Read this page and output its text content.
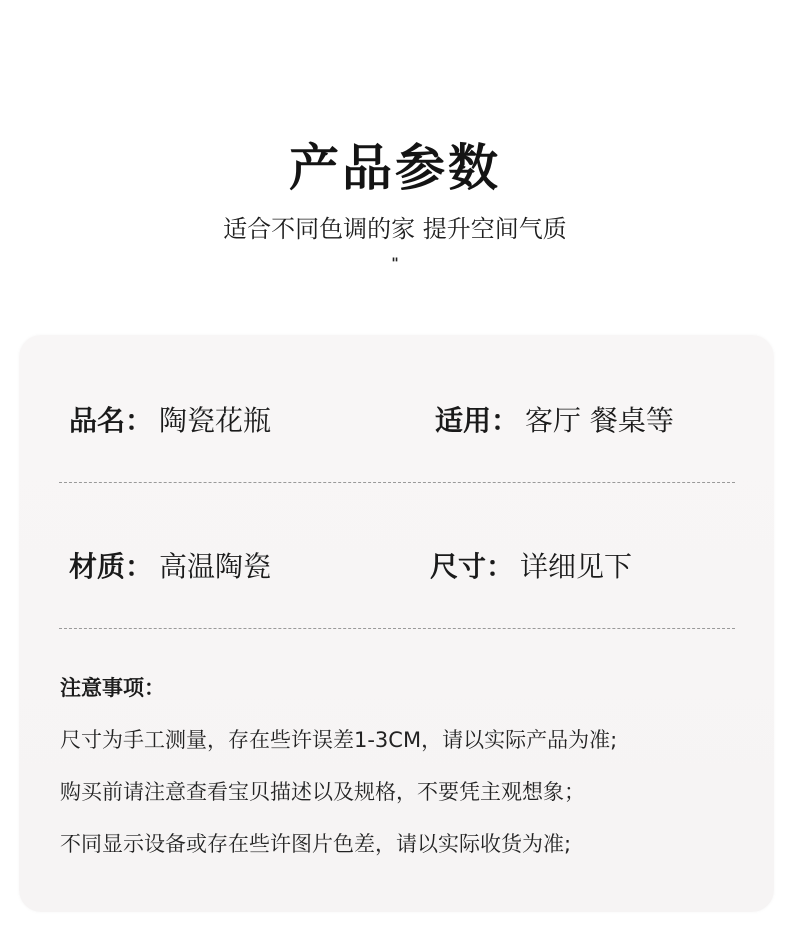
产品参数
适合不同色调的家 提升空间气质
"
品名： 陶瓷花瓶	适用： 客厅 餐桌等
材质： 高温陶瓷	尺寸： 详细见下
注意事项：
尺寸为手工测量，存在些许误差1-3CM，请以实际产品为准;
购买前请注意查看宝贝描述以及规格，不要凭主观想象；
不同显示设备或存在些许图片色差，请以实际收货为准;
